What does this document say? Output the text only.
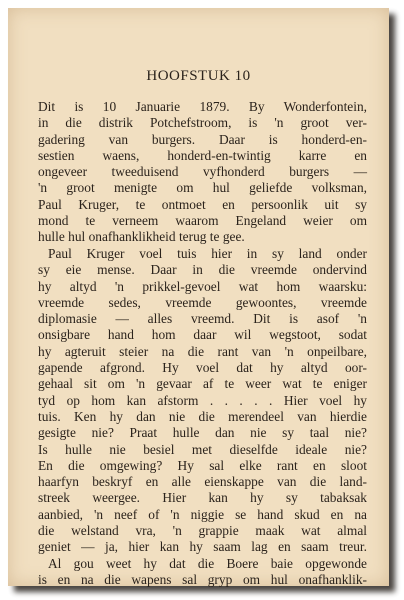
HOOFSTUK 10
Dit is 10 Januarie 1879. By Wonderfontein,
in die distrik Potchefstroom, is 'n groot ver-
gadering van burgers. Daar is honderd-en-
sestien waens, honderd-en-twintig karre en
ongeveer tweeduisend vyfhonderd burgers —
'n groot menigte om hul geliefde volksman,
Paul Kruger, te ontmoet en persoonlik uit sy
mond te verneem waarom Engeland weier om
hulle hul onafhanklikheid terug te gee.
Paul Kruger voel tuis hier in sy land onder
sy eie mense. Daar in die vreemde ondervind
hy altyd 'n prikkel-gevoel wat hom waarsku:
vreemde sedes, vreemde gewoontes, vreemde
diplomasie — alles vreemd. Dit is asof 'n
onsigbare hand hom daar wil wegstoot, sodat
hy agteruit steier na die rant van 'n onpeilbare,
gapende afgrond. Hy voel dat hy altyd oor-
gehaal sit om 'n gevaar af te weer wat te eniger
tyd op hom kan afstorm . . . . . Hier voel hy
tuis. Ken hy dan nie die merendeel van hierdie
gesigte nie? Praat hulle dan nie sy taal nie?
Is hulle nie besiel met dieselfde ideale nie?
En die omgewing? Hy sal elke rant en sloot
haarfyn beskryf en alle eienskappe van die land-
streek weergee. Hier kan hy sy tabaksak
aanbied, 'n neef of 'n niggie se hand skud en na
die welstand vra, 'n grappie maak wat almal
geniet — ja, hier kan hy saam lag en saam treur.
Al gou weet hy dat die Boere baie opgewonde
is en na die wapens sal gryp om hul onafhanklik-
